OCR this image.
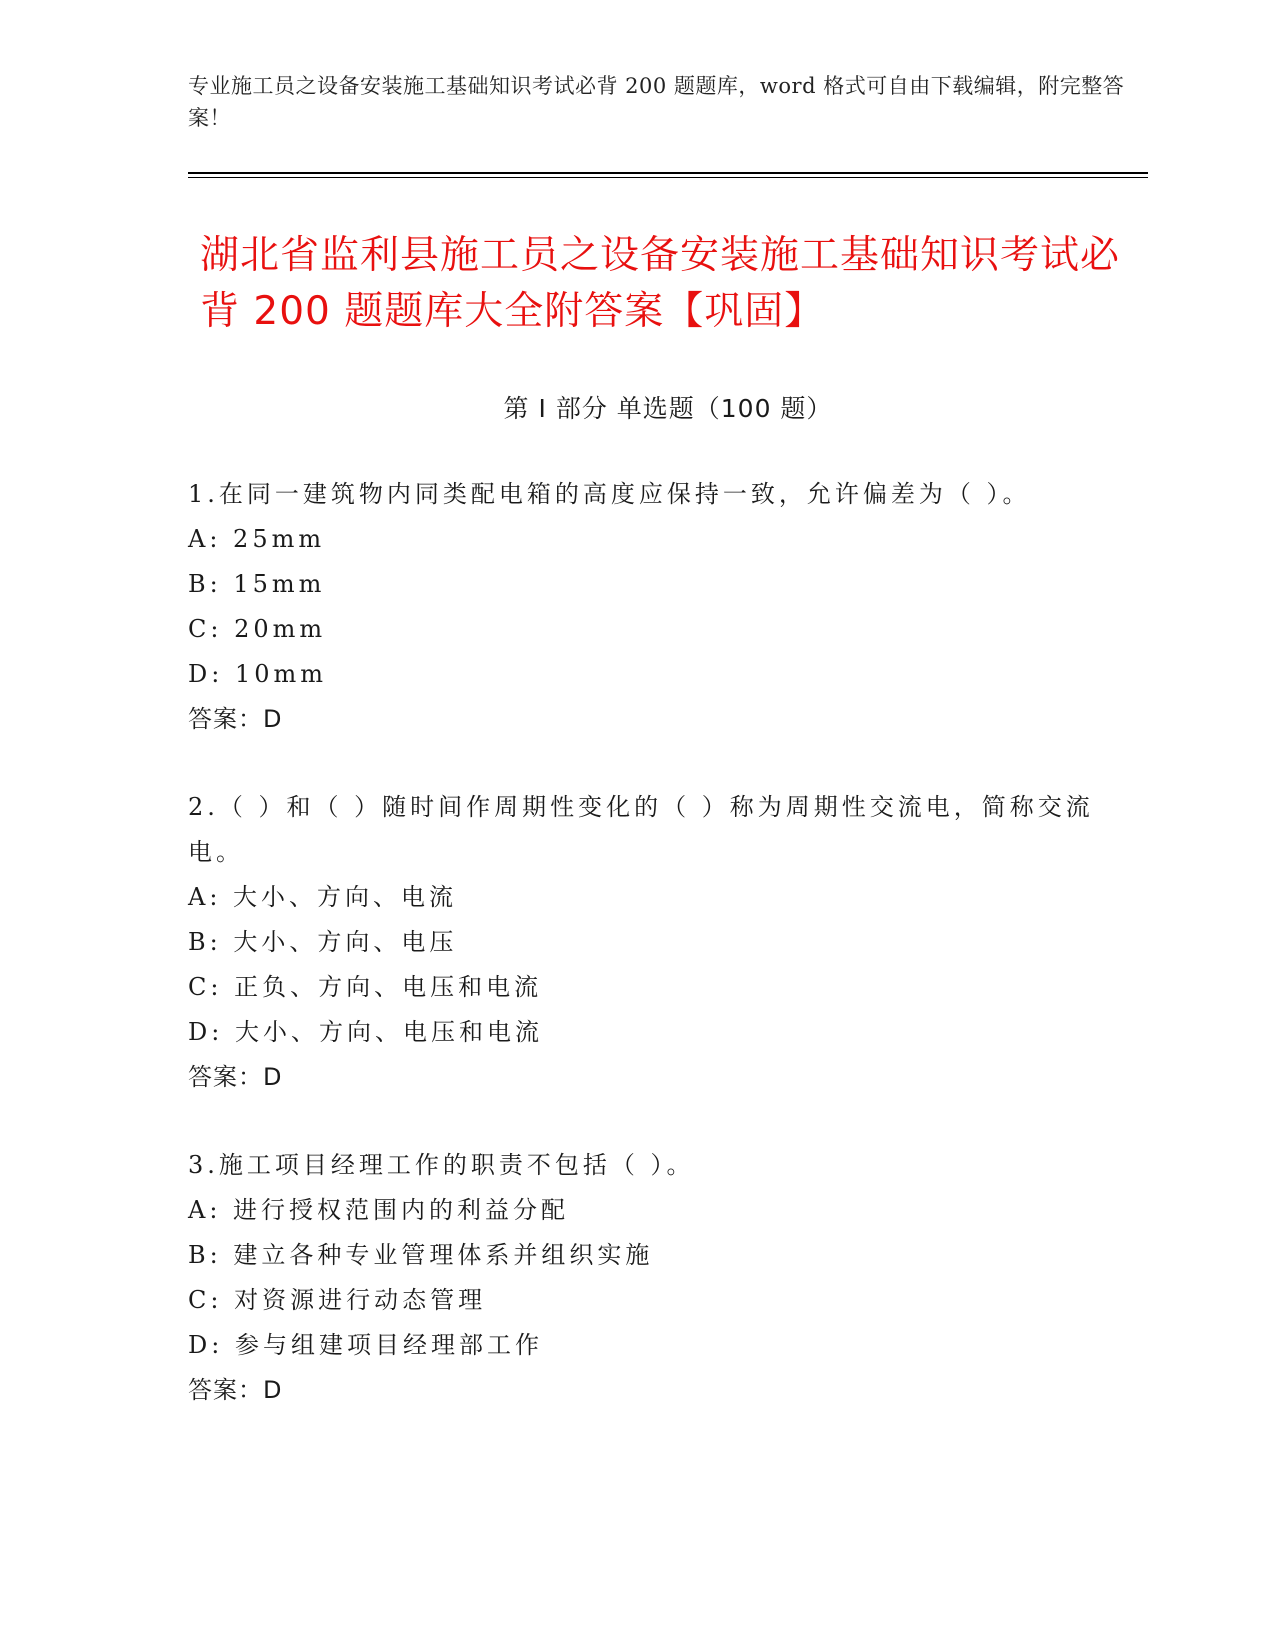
专业施工员之设备安装施工基础知识考试必背 200 题题库，word 格式可自由下载编辑，附完整答案！
湖北省监利县施工员之设备安装施工基础知识考试必背 200 题题库大全附答案【巩固】
第 I 部分 单选题（100 题）
1.在同一建筑物内同类配电箱的高度应保持一致，允许偏差为（ ）。
A: 25mm
B: 15mm
C: 20mm
D: 10mm
答案：D
2.（ ）和（ ）随时间作周期性变化的（ ）称为周期性交流电，简称交流电。
A: 大小、方向、电流
B: 大小、方向、电压
C: 正负、方向、电压和电流
D: 大小、方向、电压和电流
答案：D
3.施工项目经理工作的职责不包括（ ）。
A: 进行授权范围内的利益分配
B: 建立各种专业管理体系并组织实施
C: 对资源进行动态管理
D: 参与组建项目经理部工作
答案：D
